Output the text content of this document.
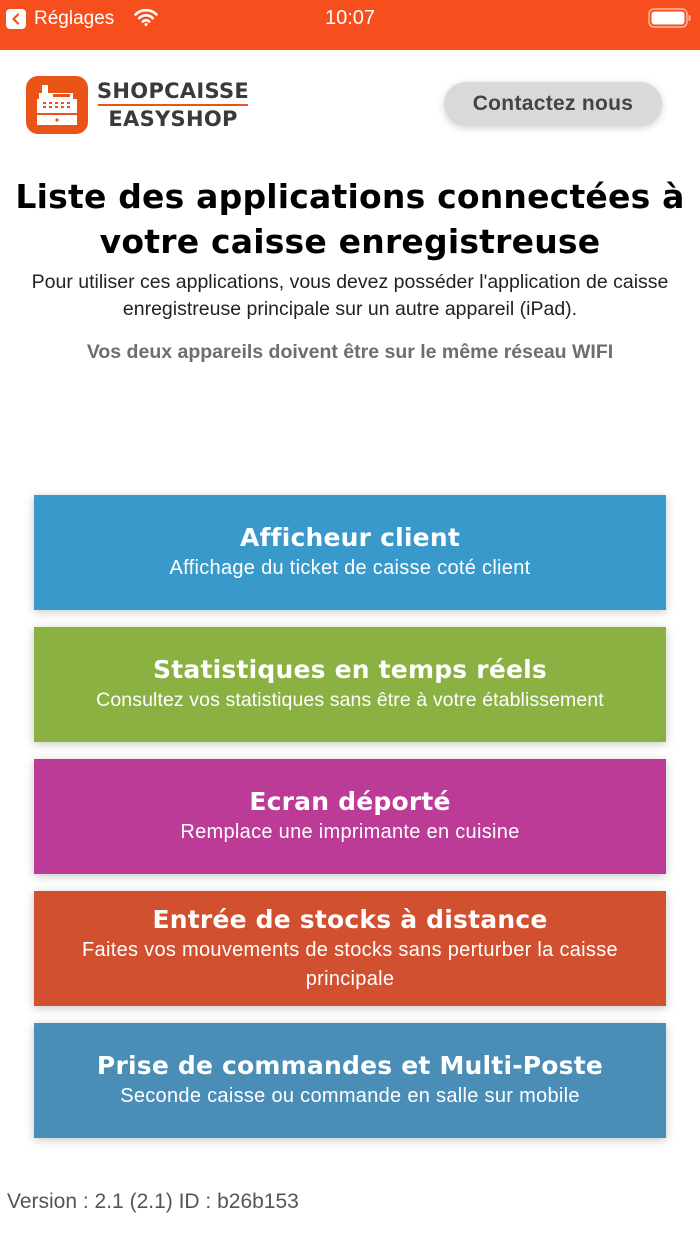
Réglages	10:07
SHOPCAISSE
EASYSHOP
Contactez nous
Liste des applications connectées à votre caisse enregistreuse

Pour utiliser ces applications, vous devez posséder l'application de caisse enregistreuse principale sur un autre appareil (iPad).

Vos deux appareils doivent être sur le même réseau WIFI

Afficheur client
Affichage du ticket de caisse coté client
Statistiques en temps réels
Consultez vos statistiques sans être à votre établissement
Ecran déporté
Remplace une imprimante en cuisine
Entrée de stocks à distance
Faites vos mouvements de stocks sans perturber la caisse principale
Prise de commandes et Multi-Poste
Seconde caisse ou commande en salle sur mobile
Version : 2.1 (2.1) ID : b26b153
